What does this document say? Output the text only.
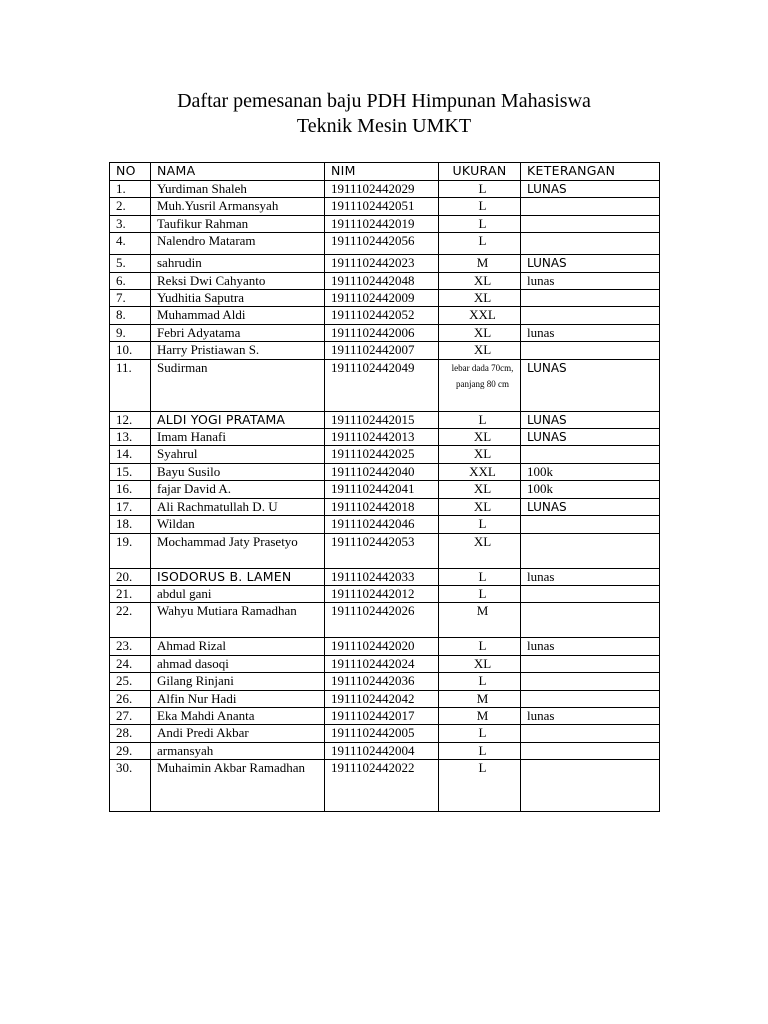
Daftar pemesanan baju PDH Himpunan Mahasiswa
Teknik Mesin UMKT
NO	NAMA	NIM	UKURAN	KETERANGAN
1.	Yurdiman Shaleh	1911102442029	L	LUNAS
2.	Muh.Yusril Armansyah	1911102442051	L	
3.	Taufikur Rahman	1911102442019	L	
4.	Nalendro Mataram	1911102442056	L	
5.	sahrudin	1911102442023	M	LUNAS
6.	Reksi Dwi Cahyanto	1911102442048	XL	lunas
7.	Yudhitia Saputra	1911102442009	XL	
8.	Muhammad Aldi	1911102442052	XXL	
9.	Febri Adyatama	1911102442006	XL	lunas
10.	Harry Pristiawan S.	1911102442007	XL	
11.	Sudirman	1911102442049	lebar dada 70cm, panjang 80 cm	LUNAS
12.	ALDI YOGI PRATAMA	1911102442015	L	LUNAS
13.	Imam Hanafi	1911102442013	XL	LUNAS
14.	Syahrul	1911102442025	XL	
15.	Bayu Susilo	1911102442040	XXL	100k
16.	fajar David A.	1911102442041	XL	100k
17.	Ali Rachmatullah D. U	1911102442018	XL	LUNAS
18.	Wildan	1911102442046	L	
19.	Mochammad Jaty Prasetyo	1911102442053	XL	
20.	ISODORUS B. LAMEN	1911102442033	L	lunas
21.	abdul gani	1911102442012	L	
22.	Wahyu Mutiara Ramadhan	1911102442026	M	
23.	Ahmad Rizal	1911102442020	L	lunas
24.	ahmad dasoqi	1911102442024	XL	
25.	Gilang Rinjani	1911102442036	L	
26.	Alfin Nur Hadi	1911102442042	M	
27.	Eka Mahdi Ananta	1911102442017	M	lunas
28.	Andi Predi Akbar	1911102442005	L	
29.	armansyah	1911102442004	L	
30.	Muhaimin Akbar Ramadhan	1911102442022	L	
